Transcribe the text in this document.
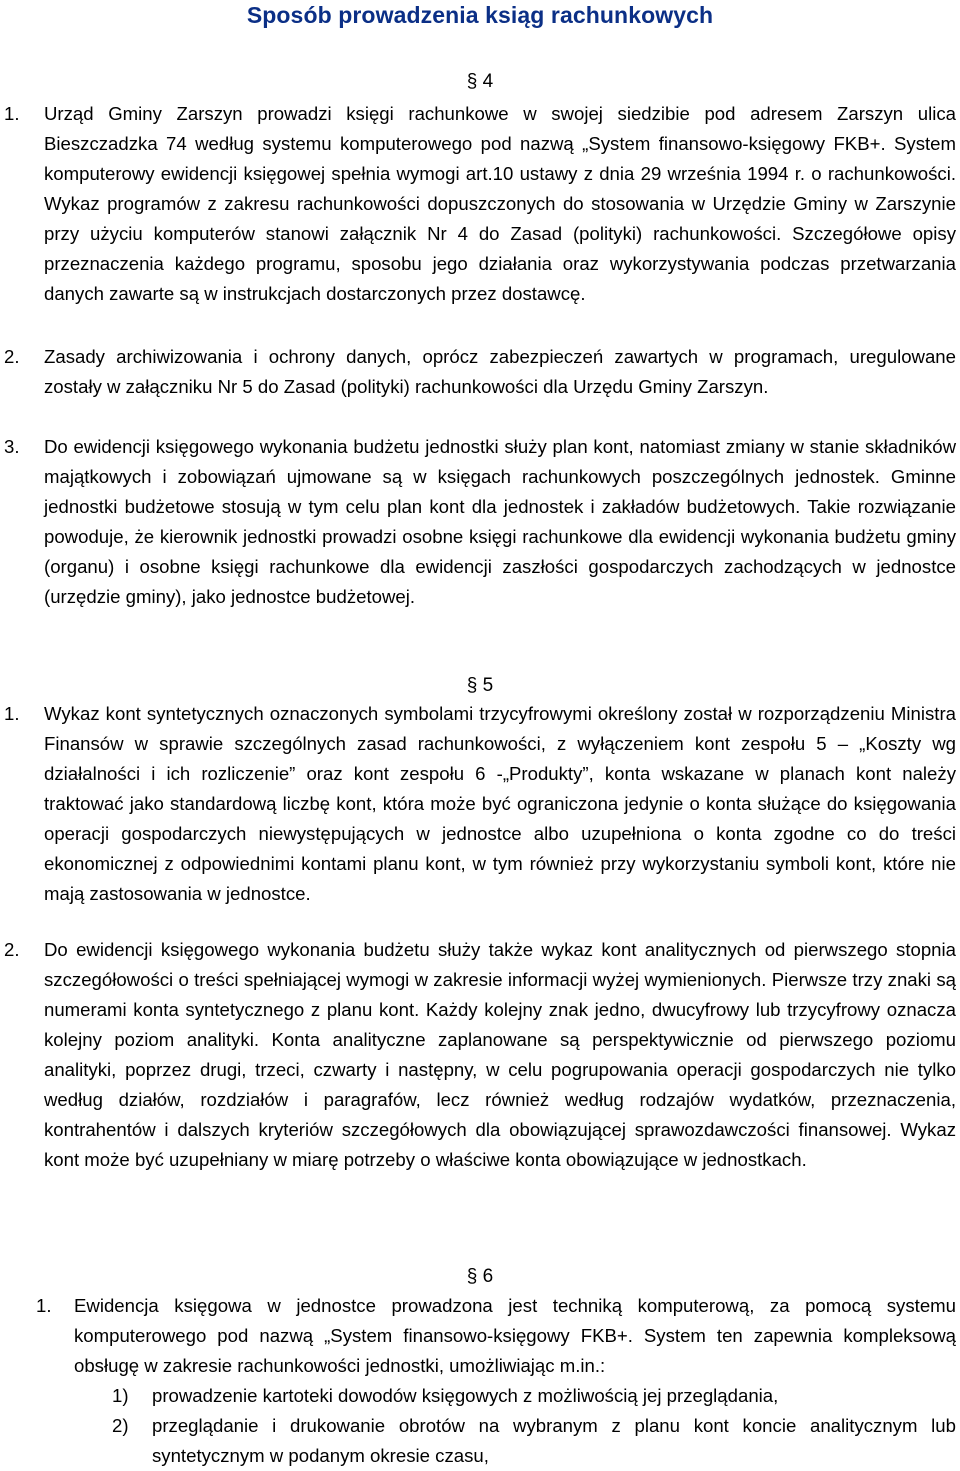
Sposób prowadzenia ksiąg rachunkowych
§ 4
1. Urząd Gminy Zarszyn prowadzi księgi rachunkowe w swojej siedzibie pod adresem Zarszyn ulica Bieszczadzka 74 według systemu komputerowego pod nazwą „System finansowo-księgowy FKB+. System komputerowy ewidencji księgowej spełnia wymogi art.10 ustawy z dnia 29 września 1994 r. o rachunkowości. Wykaz programów z zakresu rachunkowości dopuszczonych do stosowania w Urzędzie Gminy w Zarszynie przy użyciu komputerów stanowi załącznik Nr 4 do Zasad (polityki) rachunkowości. Szczegółowe opisy przeznaczenia każdego programu, sposobu jego działania oraz wykorzystywania podczas przetwarzania danych zawarte są w instrukcjach dostarczonych przez dostawcę.
2. Zasady archiwizowania i ochrony danych, oprócz zabezpieczeń zawartych w programach, uregulowane zostały w załączniku Nr 5 do Zasad (polityki) rachunkowości dla Urzędu Gminy Zarszyn.
3. Do ewidencji księgowego wykonania budżetu jednostki służy plan kont, natomiast zmiany w stanie składników majątkowych i zobowiązań ujmowane są w księgach rachunkowych poszczególnych jednostek. Gminne jednostki budżetowe stosują w tym celu plan kont dla jednostek i zakładów budżetowych. Takie rozwiązanie powoduje, że kierownik jednostki prowadzi osobne księgi rachunkowe dla ewidencji wykonania budżetu gminy (organu) i osobne księgi rachunkowe dla ewidencji zaszłości gospodarczych zachodzących w jednostce (urzędzie gminy), jako jednostce budżetowej.
§ 5
1. Wykaz kont syntetycznych oznaczonych symbolami trzycyfrowymi określony został w rozporządzeniu Ministra Finansów w sprawie szczególnych zasad rachunkowości, z wyłączeniem kont zespołu 5 – „Koszty wg działalności i ich rozliczenie” oraz kont zespołu 6 -„Produkty”, konta wskazane w planach kont należy traktować jako standardową liczbę kont, która może być ograniczona jedynie o konta służące do księgowania operacji gospodarczych niewystępujących w jednostce albo uzupełniona o konta zgodne co do treści ekonomicznej z odpowiednimi kontami planu kont, w tym również przy wykorzystaniu symboli kont, które nie mają zastosowania w jednostce.
2. Do ewidencji księgowego wykonania budżetu służy także wykaz kont analitycznych od pierwszego stopnia szczegółowości o treści spełniającej wymogi w zakresie informacji wyżej wymienionych. Pierwsze trzy znaki są numerami konta syntetycznego z planu kont. Każdy kolejny znak jedno, dwucyfrowy lub trzycyfrowy oznacza kolejny poziom analityki. Konta analityczne zaplanowane są perspektywicznie od pierwszego poziomu analityki, poprzez drugi, trzeci, czwarty i następny, w celu pogrupowania operacji gospodarczych nie tylko według działów, rozdziałów i paragrafów, lecz również według rodzajów wydatków, przeznaczenia, kontrahentów i dalszych kryteriów szczegółowych dla obowiązującej sprawozdawczości finansowej. Wykaz kont może być uzupełniany w miarę potrzeby o właściwe konta obowiązujące w jednostkach.
§ 6
1. Ewidencja księgowa w jednostce prowadzona jest techniką komputerową, za pomocą systemu komputerowego pod nazwą „System finansowo-księgowy FKB+. System ten zapewnia kompleksową obsługę w zakresie rachunkowości jednostki, umożliwiając m.in.:
1) prowadzenie kartoteki dowodów księgowych z możliwością jej przeglądania,
2) przeglądanie i drukowanie obrotów na wybranym z planu kont koncie analitycznym lub syntetycznym w podanym okresie czasu,
